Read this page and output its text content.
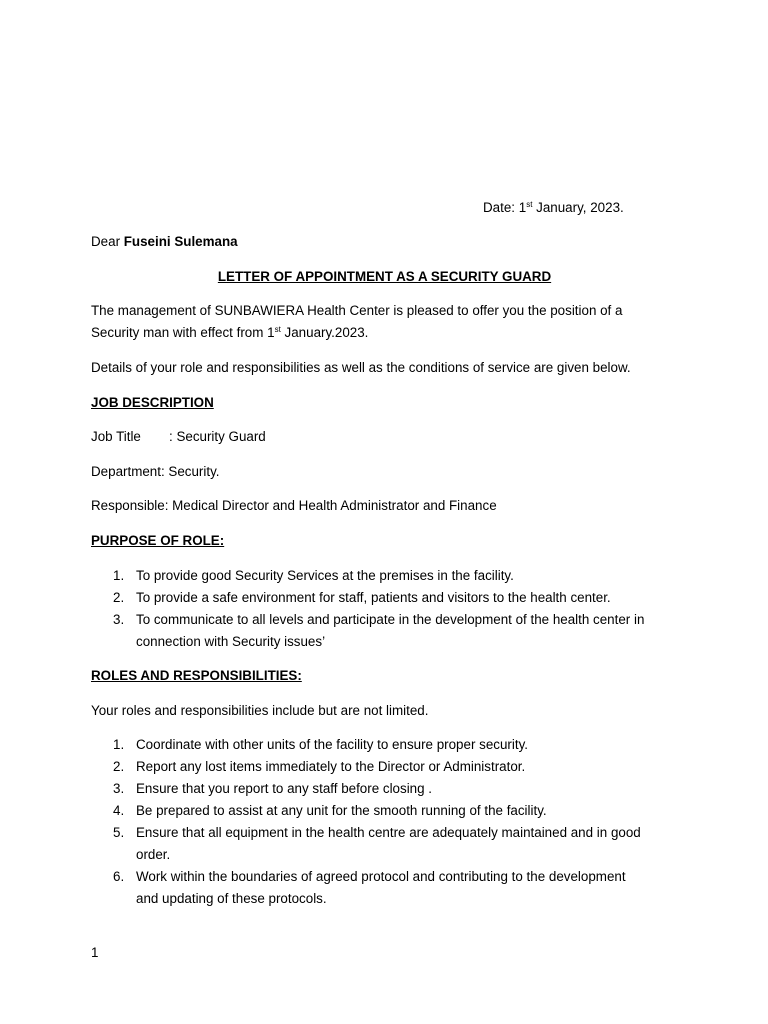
Date: 1st January, 2023.
Dear Fuseini Sulemana
LETTER OF APPOINTMENT AS A SECURITY GUARD
The management of SUNBAWIERA Health Center is pleased to offer you the position of a
Security man with effect from 1st January.2023.
Details of your role and responsibilities as well as the conditions of service are given below.
JOB DESCRIPTION
Job Title : Security Guard
Department: Security.
Responsible: Medical Director and Health Administrator and Finance
PURPOSE OF ROLE:
1. To provide good Security Services at the premises in the facility.
2. To provide a safe environment for staff, patients and visitors to the health center.
3. To communicate to all levels and participate in the development of the health center in
connection with Security issues’
ROLES AND RESPONSIBILITIES:
Your roles and responsibilities include but are not limited.
1. Coordinate with other units of the facility to ensure proper security.
2. Report any lost items immediately to the Director or Administrator.
3. Ensure that you report to any staff before closing .
4. Be prepared to assist at any unit for the smooth running of the facility.
5. Ensure that all equipment in the health centre are adequately maintained and in good
order.
6. Work within the boundaries of agreed protocol and contributing to the development
and updating of these protocols.
1
